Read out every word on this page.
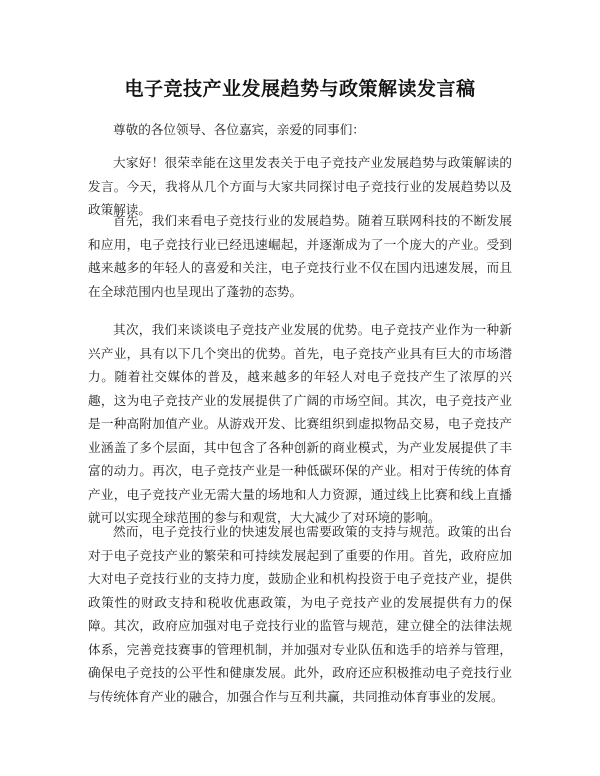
电子竞技产业发展趋势与政策解读发言稿
尊敬的各位领导、各位嘉宾，亲爱的同事们：
大家好！很荣幸能在这里发表关于电子竞技产业发展趋势与政策解读的发言。今天，我将从几个方面与大家共同探讨电子竞技行业的发展趋势以及政策解读。
首先，我们来看电子竞技行业的发展趋势。随着互联网科技的不断发展和应用，电子竞技行业已经迅速崛起，并逐渐成为了一个庞大的产业。受到越来越多的年轻人的喜爱和关注，电子竞技行业不仅在国内迅速发展，而且在全球范围内也呈现出了蓬勃的态势。
其次，我们来谈谈电子竞技产业发展的优势。电子竞技产业作为一种新兴产业，具有以下几个突出的优势。首先，电子竞技产业具有巨大的市场潜力。随着社交媒体的普及，越来越多的年轻人对电子竞技产生了浓厚的兴趣，这为电子竞技产业的发展提供了广阔的市场空间。其次，电子竞技产业是一种高附加值产业。从游戏开发、比赛组织到虚拟物品交易，电子竞技产业涵盖了多个层面，其中包含了各种创新的商业模式，为产业发展提供了丰富的动力。再次，电子竞技产业是一种低碳环保的产业。相对于传统的体育产业，电子竞技产业无需大量的场地和人力资源，通过线上比赛和线上直播就可以实现全球范围的参与和观赏，大大减少了对环境的影响。
然而，电子竞技行业的快速发展也需要政策的支持与规范。政策的出台对于电子竞技产业的繁荣和可持续发展起到了重要的作用。首先，政府应加大对电子竞技行业的支持力度，鼓励企业和机构投资于电子竞技产业，提供政策性的财政支持和税收优惠政策，为电子竞技产业的发展提供有力的保障。其次，政府应加强对电子竞技行业的监管与规范，建立健全的法律法规体系，完善竞技赛事的管理机制，并加强对专业队伍和选手的培养与管理，确保电子竞技的公平性和健康发展。此外，政府还应积极推动电子竞技行业与传统体育产业的融合，加强合作与互利共赢，共同推动体育事业的发展。
